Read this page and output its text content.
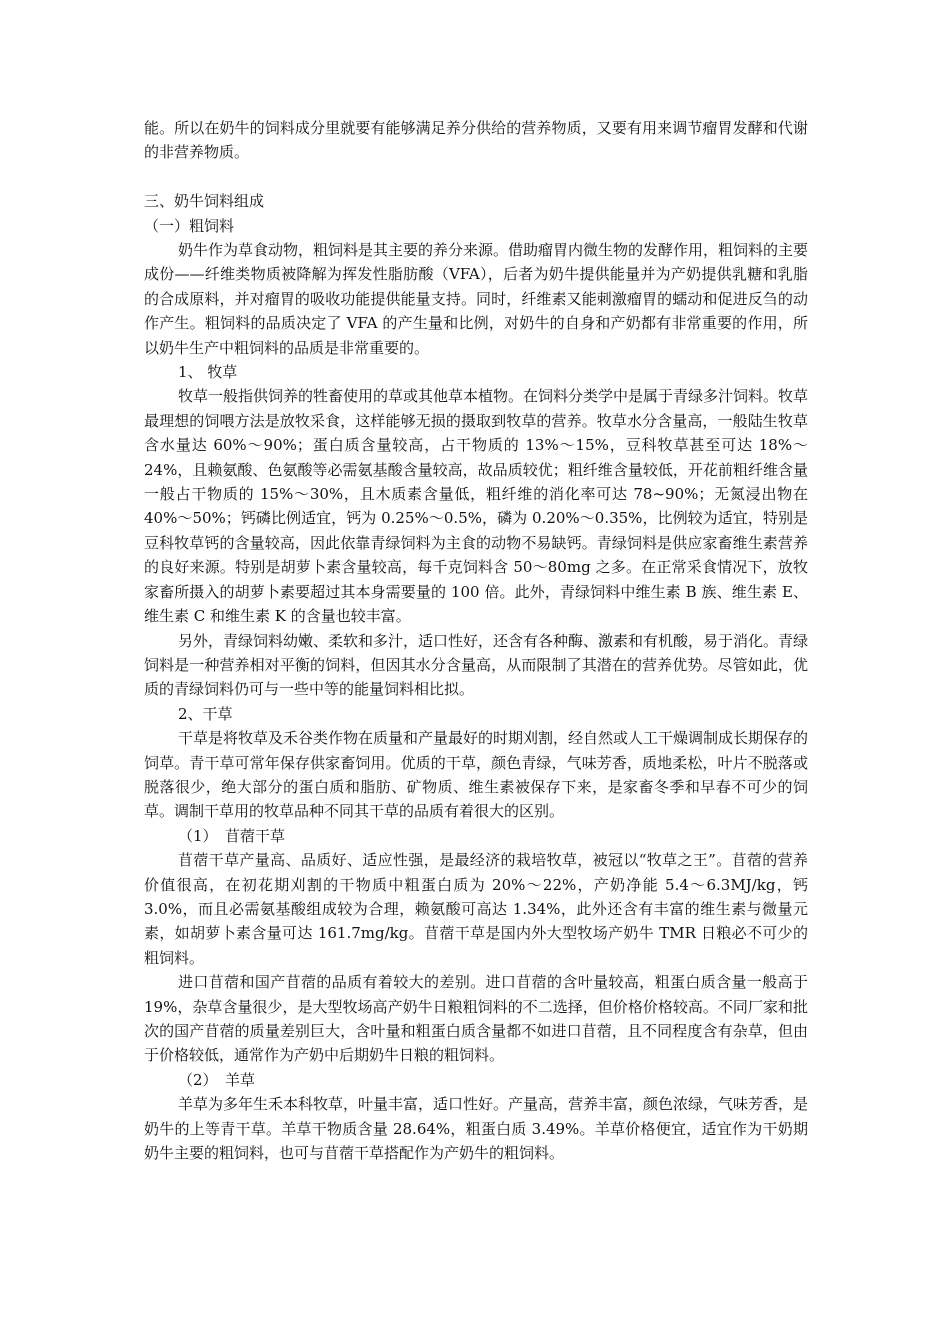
能。所以在奶牛的饲料成分里就要有能够满足养分供给的营养物质，又要有用来调节瘤胃发酵和代谢的非营养物质。

三、奶牛饲料组成

（一）粗饲料

奶牛作为草食动物，粗饲料是其主要的养分来源。借助瘤胃内微生物的发酵作用，粗饲料的主要成份——纤维类物质被降解为挥发性脂肪酸（VFA），后者为奶牛提供能量并为产奶提供乳糖和乳脂的合成原料，并对瘤胃的吸收功能提供能量支持。同时，纤维素又能刺激瘤胃的蠕动和促进反刍的动作产生。粗饲料的品质决定了 VFA 的产生量和比例，对奶牛的自身和产奶都有非常重要的作用，所以奶牛生产中粗饲料的品质是非常重要的。

1、 牧草

牧草一般指供饲养的牲畜使用的草或其他草本植物。在饲料分类学中是属于青绿多汁饲料。牧草最理想的饲喂方法是放牧采食，这样能够无损的摄取到牧草的营养。牧草水分含量高，一般陆生牧草含水量达 60%～90%；蛋白质含量较高，占干物质的 13%～15%，豆科牧草甚至可达 18%～24%，且赖氨酸、色氨酸等必需氨基酸含量较高，故品质较优；粗纤维含量较低，开花前粗纤维含量一般占干物质的 15%～30%，且木质素含量低，粗纤维的消化率可达 78~90%；无氮浸出物在 40%～50%；钙磷比例适宜，钙为 0.25%～0.5%，磷为 0.20%～0.35%，比例较为适宜，特别是豆科牧草钙的含量较高，因此依靠青绿饲料为主食的动物不易缺钙。青绿饲料是供应家畜维生素营养的良好来源。特别是胡萝卜素含量较高，每千克饲料含 50～80mg 之多。在正常采食情况下，放牧家畜所摄入的胡萝卜素要超过其本身需要量的 100 倍。此外，青绿饲料中维生素 B 族、维生素 E、维生素 C 和维生素 K 的含量也较丰富。

另外，青绿饲料幼嫩、柔软和多汁，适口性好，还含有各种酶、激素和有机酸，易于消化。青绿饲料是一种营养相对平衡的饲料，但因其水分含量高，从而限制了其潜在的营养优势。尽管如此，优质的青绿饲料仍可与一些中等的能量饲料相比拟。

2、干草

干草是将牧草及禾谷类作物在质量和产量最好的时期刈割，经自然或人工干燥调制成长期保存的饲草。青干草可常年保存供家畜饲用。优质的干草，颜色青绿，气味芳香，质地柔松，叶片不脱落或脱落很少，绝大部分的蛋白质和脂肪、矿物质、维生素被保存下来，是家畜冬季和早春不可少的饲草。调制干草用的牧草品种不同其干草的品质有着很大的区别。

（1）　苜蓿干草

苜蓿干草产量高、品质好、适应性强，是最经济的栽培牧草，被冠以“牧草之王”。苜蓿的营养价值很高，在初花期刈割的干物质中粗蛋白质为 20%～22%，产奶净能 5.4～6.3MJ/kg，钙 3.0%，而且必需氨基酸组成较为合理，赖氨酸可高达 1.34%，此外还含有丰富的维生素与微量元素，如胡萝卜素含量可达 161.7mg/kg。苜蓿干草是国内外大型牧场产奶牛 TMR 日粮必不可少的粗饲料。

进口苜蓿和国产苜蓿的品质有着较大的差别。进口苜蓿的含叶量较高，粗蛋白质含量一般高于 19%，杂草含量很少，是大型牧场高产奶牛日粮粗饲料的不二选择，但价格价格较高。不同厂家和批次的国产苜蓿的质量差别巨大，含叶量和粗蛋白质含量都不如进口苜蓿，且不同程度含有杂草，但由于价格较低，通常作为产奶中后期奶牛日粮的粗饲料。

（2）　羊草

羊草为多年生禾本科牧草，叶量丰富，适口性好。产量高，营养丰富，颜色浓绿，气味芳香，是奶牛的上等青干草。羊草干物质含量 28.64%，粗蛋白质 3.49%。羊草价格便宜，适宜作为干奶期奶牛主要的粗饲料，也可与苜蓿干草搭配作为产奶牛的粗饲料。
